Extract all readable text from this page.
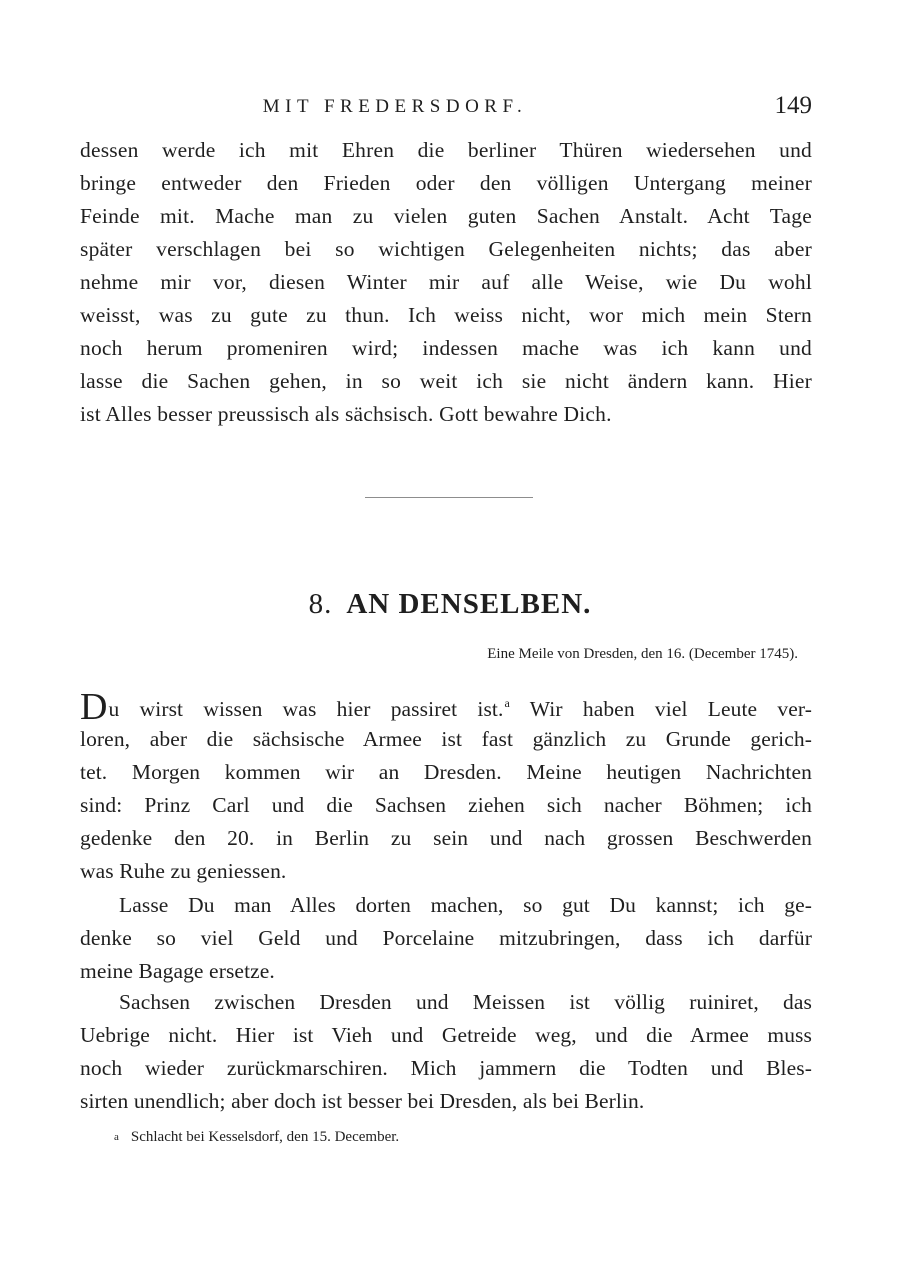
MIT FREDERSDORF.	149
dessen werde ich mit Ehren die berliner Thüren wiedersehen und
bringe entweder den Frieden oder den völligen Untergang meiner
Feinde mit. Mache man zu vielen guten Sachen Anstalt. Acht Tage
später verschlagen bei so wichtigen Gelegenheiten nichts; das aber
nehme mir vor, diesen Winter mir auf alle Weise, wie Du wohl
weisst, was zu gute zu thun. Ich weiss nicht, wor mich mein Stern
noch herum promeniren wird; indessen mache was ich kann und
lasse die Sachen gehen, in so weit ich sie nicht ändern kann. Hier
ist Alles besser preussisch als sächsisch. Gott bewahre Dich.
8. AN DENSELBEN.
Eine Meile von Dresden, den 16. (December 1745).
Du wirst wissen was hier passiret ist.$^a$ Wir haben viel Leute ver-
loren, aber die sächsische Armee ist fast gänzlich zu Grunde gerich-
tet. Morgen kommen wir an Dresden. Meine heutigen Nachrichten
sind: Prinz Carl und die Sachsen ziehen sich nacher Böhmen; ich
gedenke den 20. in Berlin zu sein und nach grossen Beschwerden
was Ruhe zu geniessen.
Lasse Du man Alles dorten machen, so gut Du kannst; ich ge-
denke so viel Geld und Porcelaine mitzubringen, dass ich darfür
meine Bagage ersetze.
Sachsen zwischen Dresden und Meissen ist völlig ruiniret, das
Uebrige nicht. Hier ist Vieh und Getreide weg, und die Armee muss
noch wieder zurückmarschiren. Mich jammern die Todten und Bles-
sirten unendlich; aber doch ist besser bei Dresden, als bei Berlin.
a Schlacht bei Kesselsdorf, den 15. December.
